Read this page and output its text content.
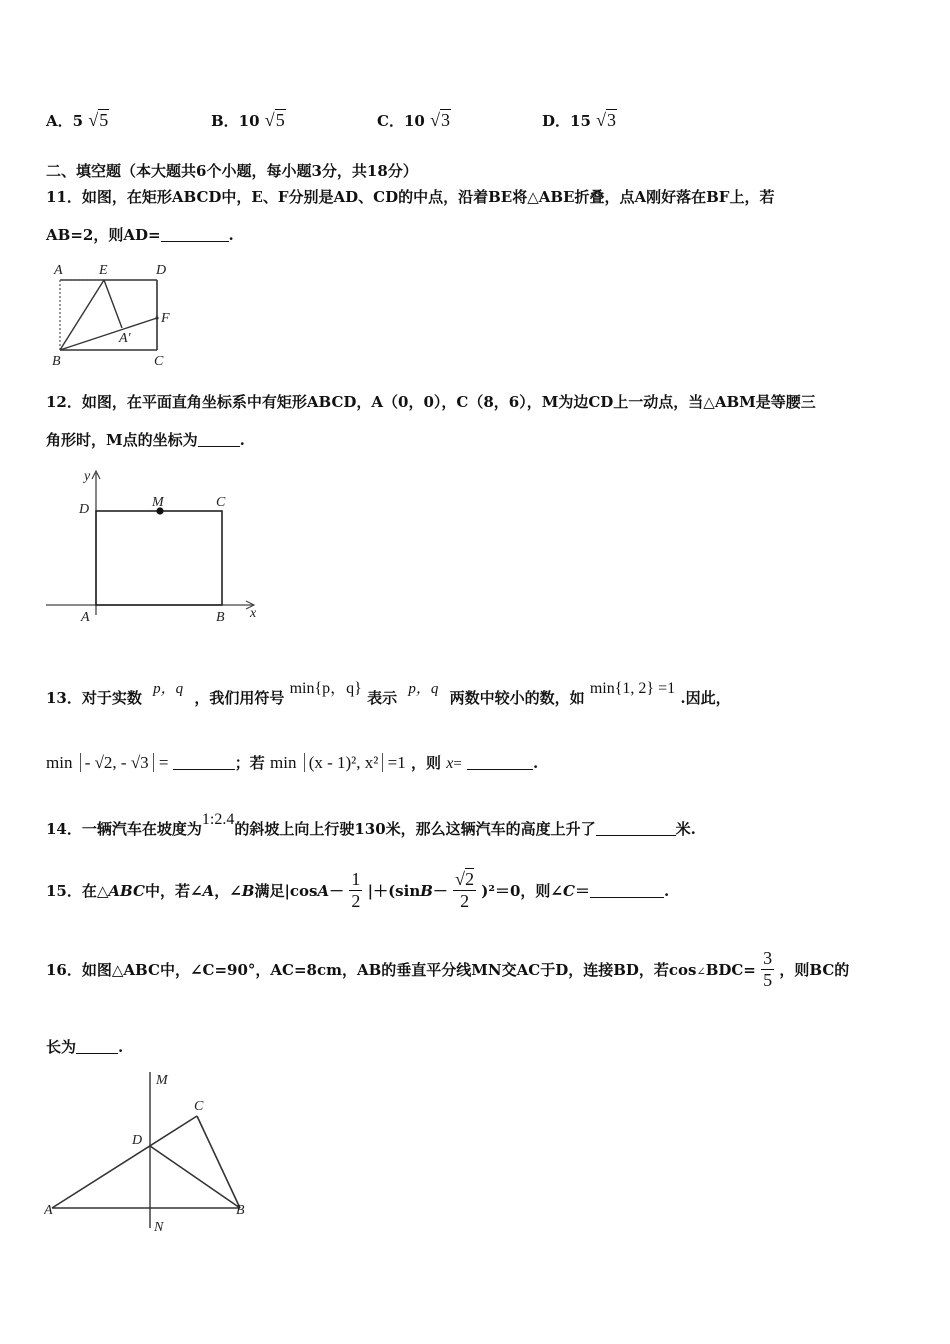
A．5 √5	B．10 √5	C．10 √3	D．15 √3
二、填空题（本大题共6个小题，每小题3分，共18分）
11．如图，在矩形ABCD中，E、F分别是AD、CD的中点，沿着BE将△ABE折叠，点A刚好落在BF上，若
AB=2，则AD=	.
A	E	D
F
A′
B	C
12．如图，在平面直角坐标系中有矩形ABCD，A（0，0），C（8，6），M为边CD上一动点，当△ABM是等腰三
角形时，M点的坐标为	.
y
x
D	M	C
A	B
13．对于实数 p，q ，我们用符号 min{p，q} 表示 p，q 两数中较小的数，如 min{1, 2} =1 .因此，
min - √2, - √3 =	；若 min (x - 1)², x² =1 ，则 x=	.
14．一辆汽车在坡度为1:2.4的斜坡上向上行驶130米，那么这辆汽车的高度上升了	米.
15．在△ABC中，若∠A，∠B满足$|\cos A- \frac{1}{2} |+(\sin B- \frac{√2}{2} )^2=0$，则∠C＝	.
16．如图△ABC中，∠C=90°，AC=8cm，AB的垂直平分线MN交AC于D，连接BD，若cos∠BDC= $\frac{3}{5}$ ，则BC的
长为	.
M
C
D
A	B
N
